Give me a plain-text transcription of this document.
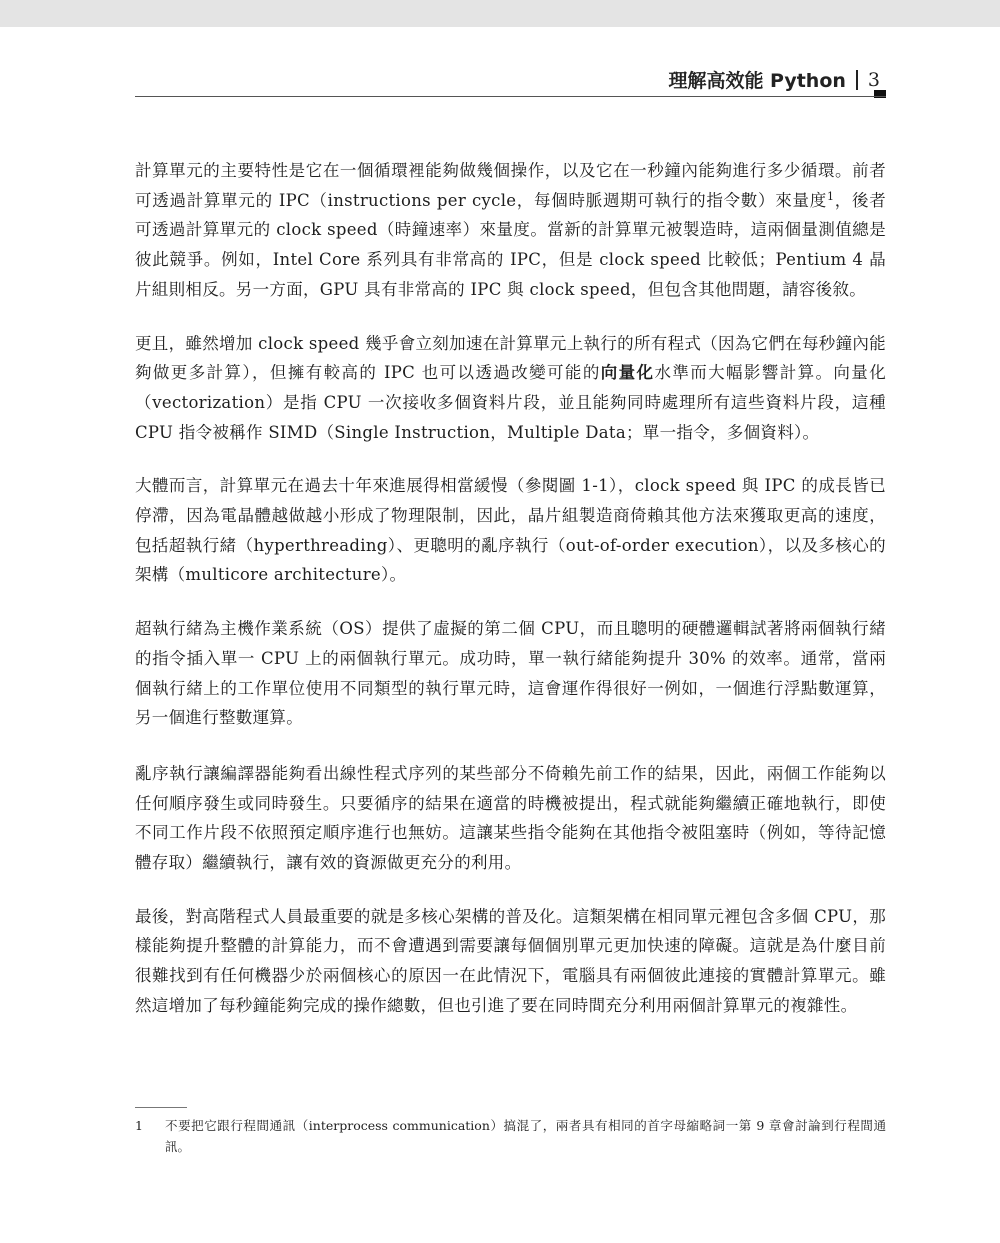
理解高效能 Python 3

計算單元的主要特性是它在一個循環裡能夠做幾個操作，以及它在一秒鐘內能夠進行多少循環。前者可透過計算單元的 IPC（instructions per cycle，每個時脈週期可執行的指令數）來量度$^1$，後者可透過計算單元的 clock speed（時鐘速率）來量度。當新的計算單元被製造時，這兩個量測值總是彼此競爭。例如，Intel Core 系列具有非常高的 IPC，但是 clock speed 比較低；Pentium 4 晶片組則相反。另一方面，GPU 具有非常高的 IPC 與 clock speed，但包含其他問題，請容後敘。

更且，雖然增加 clock speed 幾乎會立刻加速在計算單元上執行的所有程式（因為它們在每秒鐘內能夠做更多計算），但擁有較高的 IPC 也可以透過改變可能的向量化水準而大幅影響計算。向量化（vectorization）是指 CPU 一次接收多個資料片段，並且能夠同時處理所有這些資料片段，這種 CPU 指令被稱作 SIMD（Single Instruction，Multiple Data；單一指令，多個資料）。

大體而言，計算單元在過去十年來進展得相當緩慢（參閱圖 1-1），clock speed 與 IPC 的成長皆已停滯，因為電晶體越做越小形成了物理限制，因此，晶片組製造商倚賴其他方法來獲取更高的速度，包括超執行緒（hyperthreading）、更聰明的亂序執行（out-of-order execution），以及多核心的架構（multicore architecture）。

超執行緒為主機作業系統（OS）提供了虛擬的第二個 CPU，而且聰明的硬體邏輯試著將兩個執行緒的指令插入單一 CPU 上的兩個執行單元。成功時，單一執行緒能夠提升 30% 的效率。通常，當兩個執行緒上的工作單位使用不同類型的執行單元時，這會運作得很好一例如，一個進行浮點數運算，另一個進行整數運算。

亂序執行讓編譯器能夠看出線性程式序列的某些部分不倚賴先前工作的結果，因此，兩個工作能夠以任何順序發生或同時發生。只要循序的結果在適當的時機被提出，程式就能夠繼續正確地執行，即使不同工作片段不依照預定順序進行也無妨。這讓某些指令能夠在其他指令被阻塞時（例如，等待記憶體存取）繼續執行，讓有效的資源做更充分的利用。

最後，對高階程式人員最重要的就是多核心架構的普及化。這類架構在相同單元裡包含多個 CPU，那樣能夠提升整體的計算能力，而不會遭遇到需要讓每個個別單元更加快速的障礙。這就是為什麼目前很難找到有任何機器少於兩個核心的原因一在此情況下，電腦具有兩個彼此連接的實體計算單元。雖然這增加了每秒鐘能夠完成的操作總數，但也引進了要在同時間充分利用兩個計算單元的複雜性。

1	不要把它跟行程間通訊（interprocess communication）搞混了，兩者具有相同的首字母縮略詞一第 9 章會討論到行程間通訊。
